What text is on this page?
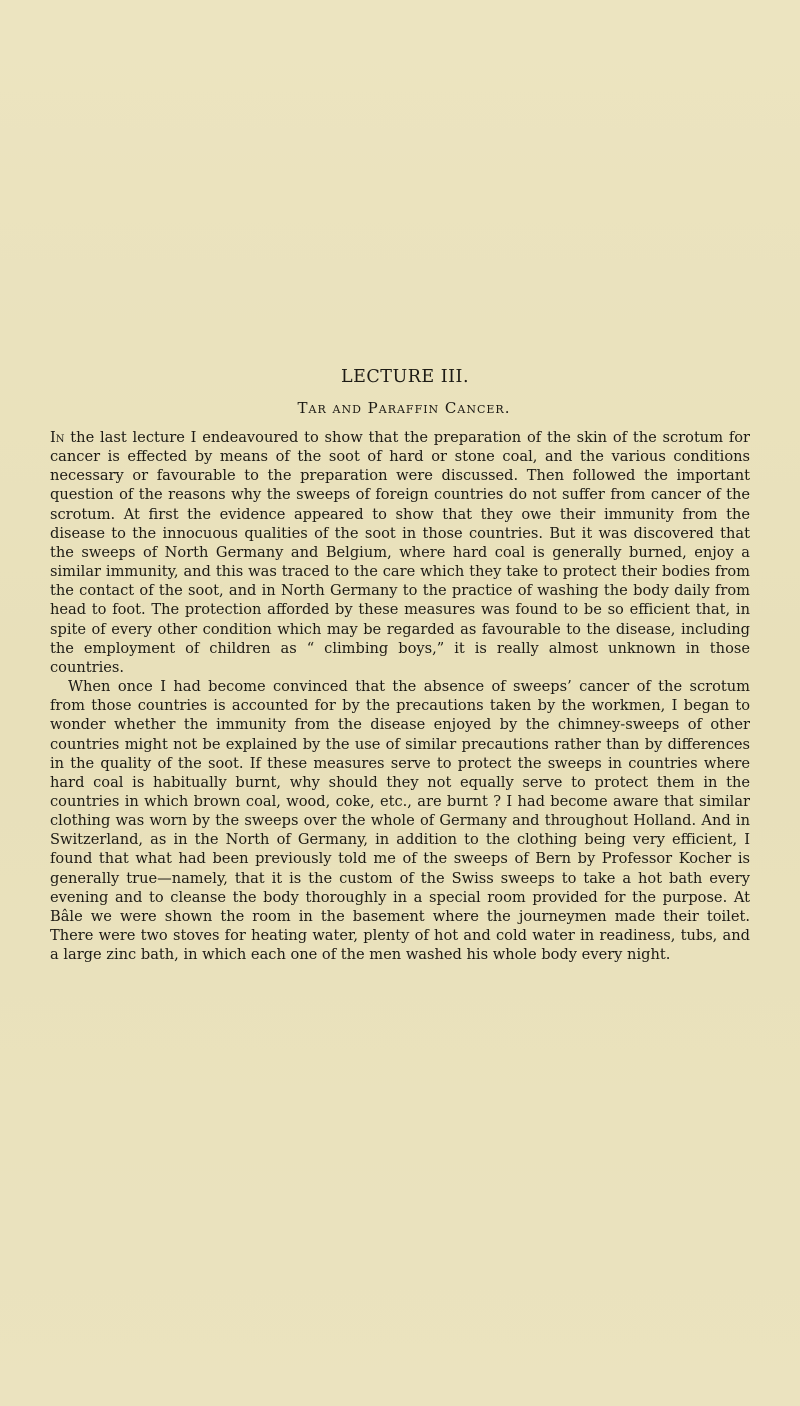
LECTURE III.
Tar and Paraffin Cancer.

In the last lecture I endeavoured to show that the preparation of the skin of the scrotum for cancer is effected by means of the soot of hard or stone coal, and the various conditions necessary or favourable to the preparation were discussed. Then followed the important question of the reasons why the sweeps of foreign countries do not suffer from cancer of the scrotum. At first the evidence appeared to show that they owe their immunity from the disease to the innocuous qualities of the soot in those countries. But it was discovered that the sweeps of North Germany and Belgium, where hard coal is generally burned, enjoy a similar immunity, and this was traced to the care which they take to protect their bodies from the contact of the soot, and in North Germany to the practice of washing the body daily from head to foot. The protection afforded by these measures was found to be so efficient that, in spite of every other condition which may be regarded as favourable to the disease, including the employment of children as “ climbing boys,” it is really almost unknown in those countries.

When once I had become convinced that the absence of sweeps’ cancer of the scrotum from those countries is accounted for by the precautions taken by the workmen, I began to wonder whether the immunity from the disease enjoyed by the chimney-sweeps of other countries might not be explained by the use of similar precautions rather than by differences in the quality of the soot. If these measures serve to protect the sweeps in countries where hard coal is habitually burnt, why should they not equally serve to protect them in the countries in which brown coal, wood, coke, etc., are burnt ? I had become aware that similar clothing was worn by the sweeps over the whole of Germany and throughout Holland. And in Switzerland, as in the North of Germany, in addition to the clothing being very efficient, I found that what had been previously told me of the sweeps of Bern by Professor Kocher is generally true—namely, that it is the custom of the Swiss sweeps to take a hot bath every evening and to cleanse the body thoroughly in a special room provided for the purpose. At Bâle we were shown the room in the basement where the journeymen made their toilet. There were two stoves for heating water, plenty of hot and cold water in readiness, tubs, and a large zinc bath, in which each one of the men washed his whole body every night.
